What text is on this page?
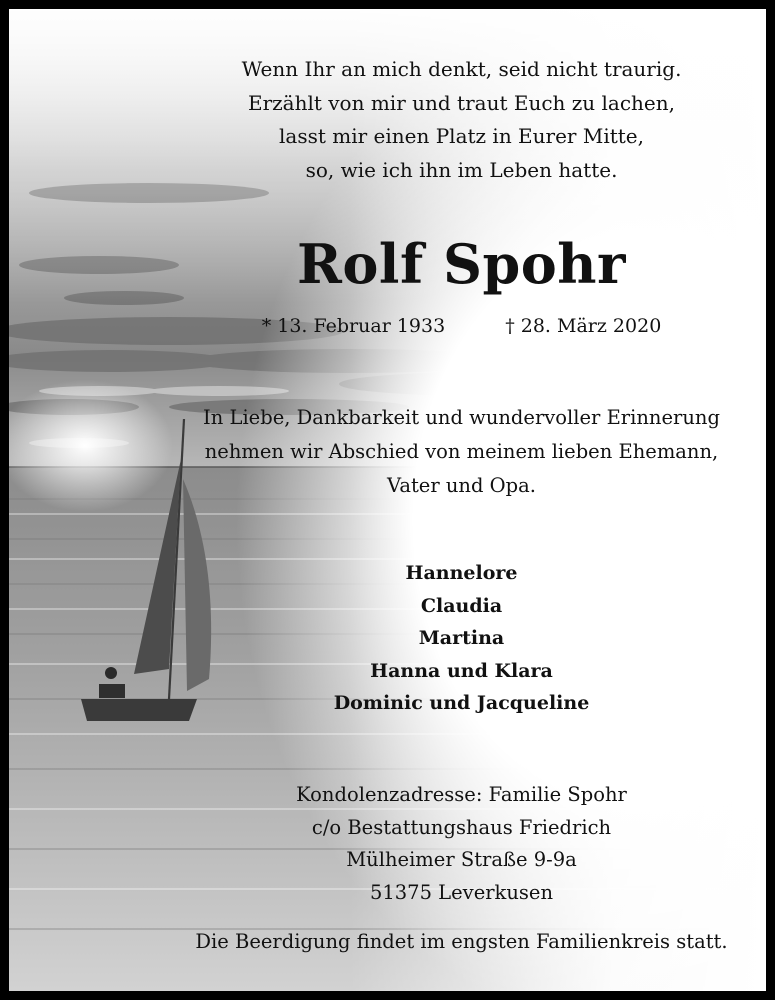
Wenn Ihr an mich denkt, seid nicht traurig.
Erzählt von mir und traut Euch zu lachen,
lasst mir einen Platz in Eurer Mitte,
so, wie ich ihn im Leben hatte.
Rolf Spohr
* 13. Februar 1933	† 28. März 2020
In Liebe, Dankbarkeit und wundervoller Erinnerung
nehmen wir Abschied von meinem lieben Ehemann,
Vater und Opa.
Hannelore
Claudia
Martina
Hanna und Klara
Dominic und Jacqueline
Kondolenzadresse: Familie Spohr
c/o Bestattungshaus Friedrich
Mülheimer Straße 9-9a
51375 Leverkusen
Die Beerdigung findet im engsten Familienkreis statt.
